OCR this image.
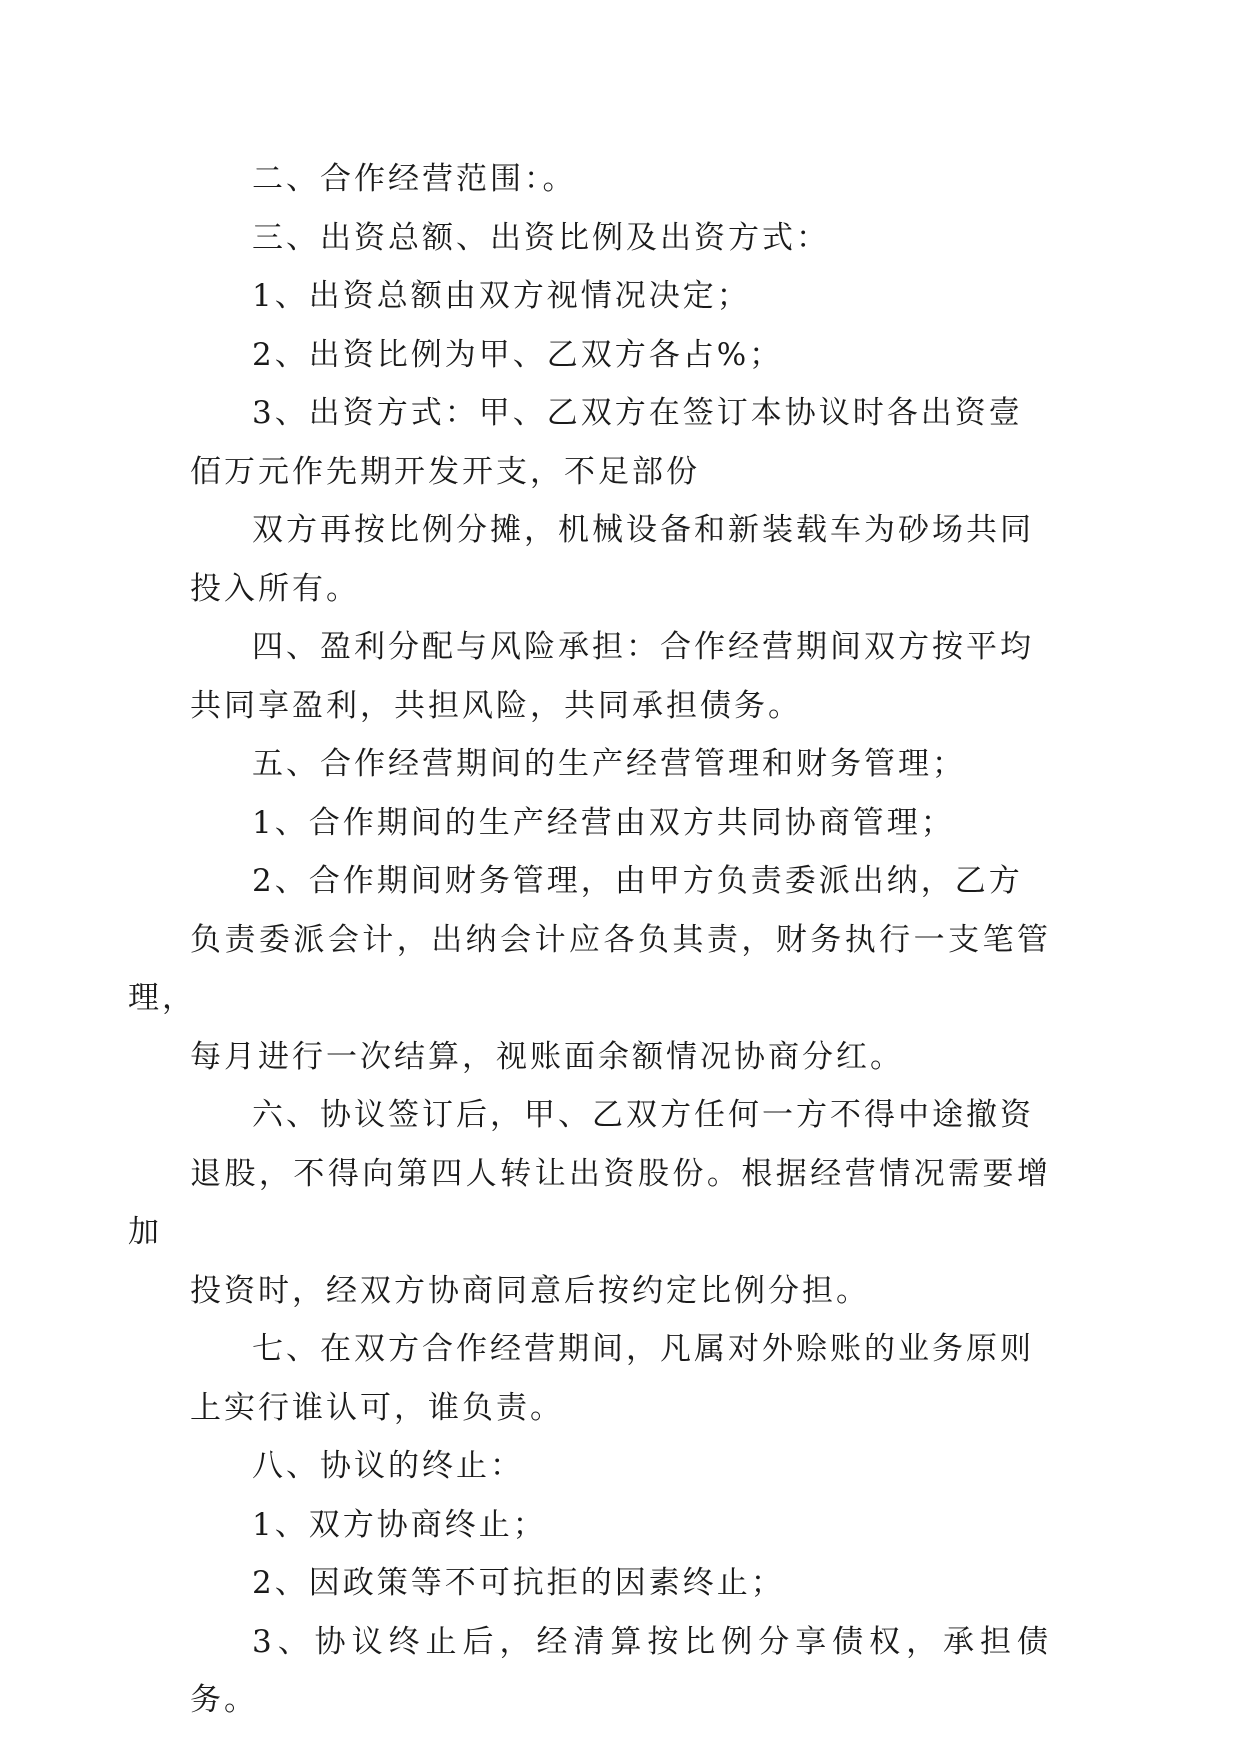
二、合作经营范围：。

三、出资总额、出资比例及出资方式：

1、出资总额由双方视情况决定；

2、出资比例为甲、乙双方各占%；

3、出资方式：甲、乙双方在签订本协议时各出资壹
佰万元作先期开发开支，不足部份

双方再按比例分摊，机械设备和新装载车为砂场共同
投入所有。

四、盈利分配与风险承担：合作经营期间双方按平均
共同享盈利，共担风险，共同承担债务。

五、合作经营期间的生产经营管理和财务管理；

1、合作期间的生产经营由双方共同协商管理；

2、合作期间财务管理，由甲方负责委派出纳，乙方
负责委派会计，出纳会计应各负其责，财务执行一支笔管理，
每月进行一次结算，视账面余额情况协商分红。

六、协议签订后，甲、乙双方任何一方不得中途撤资
退股，不得向第四人转让出资股份。根据经营情况需要增加
投资时，经双方协商同意后按约定比例分担。

七、在双方合作经营期间，凡属对外赊账的业务原则
上实行谁认可，谁负责。

八、协议的终止：

1、双方协商终止；

2、因政策等不可抗拒的因素终止；

3、协议终止后，经清算按比例分享债权，承担债务。
